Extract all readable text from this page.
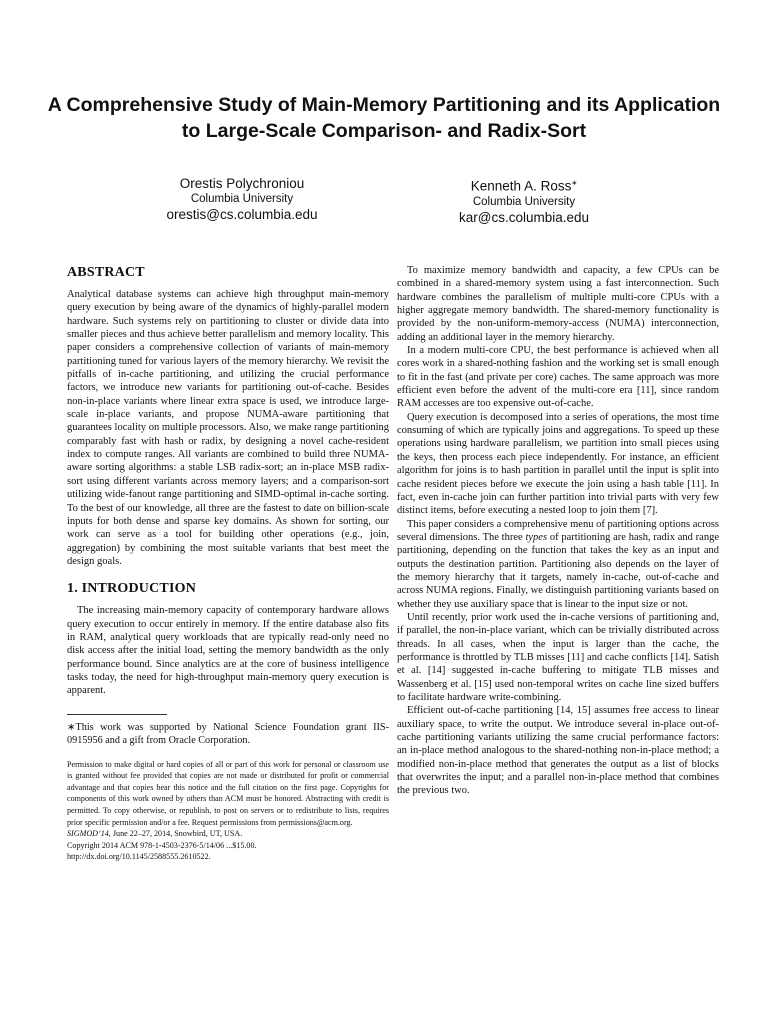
A Comprehensive Study of Main-Memory Partitioning and its Application to Large-Scale Comparison- and Radix-Sort
Orestis Polychroniou
Columbia University
orestis@cs.columbia.edu
Kenneth A. Ross∗
Columbia University
kar@cs.columbia.edu
ABSTRACT

Analytical database systems can achieve high throughput main-memory query execution by being aware of the dynamics of highly-parallel modern hardware. Such systems rely on partitioning to cluster or divide data into smaller pieces and thus achieve better parallelism and memory locality. This paper considers a comprehensive collection of variants of main-memory partitioning tuned for various layers of the memory hierarchy. We revisit the pitfalls of in-cache partitioning, and utilizing the crucial performance factors, we introduce new variants for partitioning out-of-cache. Besides non-in-place variants where linear extra space is used, we introduce large-scale in-place variants, and propose NUMA-aware partitioning that guarantees locality on multiple processors. Also, we make range partitioning comparably fast with hash or radix, by designing a novel cache-resident index to compute ranges. All variants are combined to build three NUMA-aware sorting algorithms: a stable LSB radix-sort; an in-place MSB radix-sort using different variants across memory layers; and a comparison-sort utilizing wide-fanout range partitioning and SIMD-optimal in-cache sorting. To the best of our knowledge, all three are the fastest to date on billion-scale inputs for both dense and sparse key domains. As shown for sorting, our work can serve as a tool for building other operations (e.g., join, aggregation) by combining the most suitable variants that best meet the design goals.

1. INTRODUCTION

The increasing main-memory capacity of contemporary hardware allows query execution to occur entirely in memory. If the entire database also fits in RAM, analytical query workloads that are typically read-only need no disk access after the initial load, setting the memory bandwidth as the only performance bound. Since analytics are at the core of business intelligence tasks today, the need for high-throughput main-memory query execution is apparent.

∗This work was supported by National Science Foundation grant IIS-0915956 and a gift from Oracle Corporation.

Permission to make digital or hard copies of all or part of this work for personal or classroom use is granted without fee provided that copies are not made or distributed for profit or commercial advantage and that copies bear this notice and the full citation on the first page. Copyrights for components of this work owned by others than ACM must be honored. Abstracting with credit is permitted. To copy otherwise, or republish, to post on servers or to redistribute to lists, requires prior specific permission and/or a fee. Request permissions from permissions@acm.org.

SIGMOD’14, June 22–27, 2014, Snowbird, UT, USA.

Copyright 2014 ACM 978-1-4503-2376-5/14/06 ...$15.00.

http://dx.doi.org/10.1145/2588555.2610522.

To maximize memory bandwidth and capacity, a few CPUs can be combined in a shared-memory system using a fast interconnection. Such hardware combines the parallelism of multiple multi-core CPUs with a higher aggregate memory bandwidth. The shared-memory functionality is provided by the non-uniform-memory-access (NUMA) interconnection, adding an additional layer in the memory hierarchy.

In a modern multi-core CPU, the best performance is achieved when all cores work in a shared-nothing fashion and the working set is small enough to fit in the fast (and private per core) caches. The same approach was more efficient even before the advent of the multi-core era [11], since random RAM accesses are too expensive out-of-cache.

Query execution is decomposed into a series of operations, the most time consuming of which are typically joins and aggregations. To speed up these operations using hardware parallelism, we partition into small pieces using the keys, then process each piece independently. For instance, an efficient algorithm for joins is to hash partition in parallel until the input is split into cache resident pieces before we execute the join using a hash table [11]. In fact, even in-cache join can further partition into trivial parts with very few distinct items, before executing a nested loop to join them [7].

This paper considers a comprehensive menu of partitioning options across several dimensions. The three types of partitioning are hash, radix and range partitioning, depending on the function that takes the key as an input and outputs the destination partition. Partitioning also depends on the layer of the memory hierarchy that it targets, namely in-cache, out-of-cache and across NUMA regions. Finally, we distinguish partitioning variants based on whether they use auxiliary space that is linear to the input size or not.

Until recently, prior work used the in-cache versions of partitioning and, if parallel, the non-in-place variant, which can be trivially distributed across threads. In all cases, when the input is larger than the cache, the performance is throttled by TLB misses [11] and cache conflicts [14]. Satish et al. [14] suggested in-cache buffering to mitigate TLB misses and Wassenberg et al. [15] used non-temporal writes on cache line sized buffers to facilitate hardware write-combining.

Efficient out-of-cache partitioning [14, 15] assumes free access to linear auxiliary space, to write the output. We introduce several in-place out-of-cache partitioning variants utilizing the same crucial performance factors: an in-place method analogous to the shared-nothing non-in-place method; a modified non-in-place method that generates the output as a list of blocks that overwrites the input; and a parallel non-in-place method that combines the previous two.
